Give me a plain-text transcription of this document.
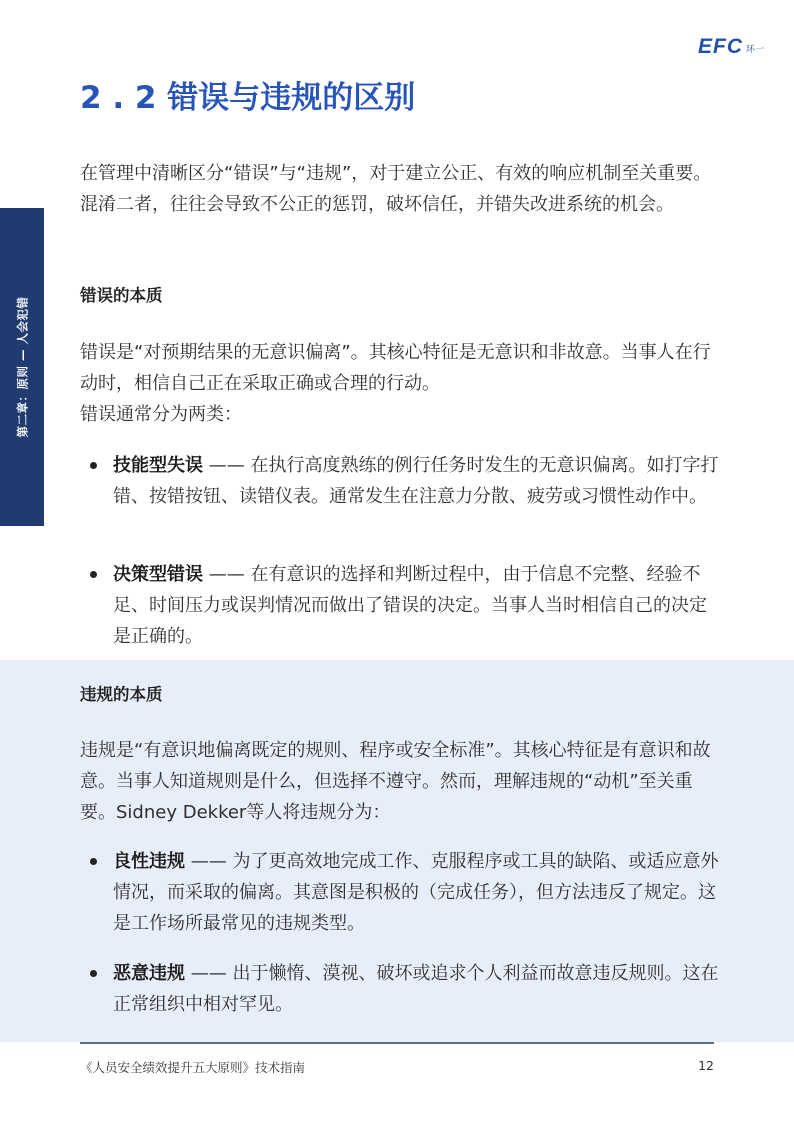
EFC 环一
第二章：原则 — 人会犯错
2 . 2 错误与违规的区别

在管理中清晰区分“错误”与“违规”，对于建立公正、有效的响应机制至关重要。混淆二者，往往会导致不公正的惩罚，破坏信任，并错失改进系统的机会。

错误的本质

错误是“对预期结果的无意识偏离”。其核心特征是无意识和非故意。当事人在行动时，相信自己正在采取正确或合理的行动。

错误通常分为两类：

技能型失误 —— 在执行高度熟练的例行任务时发生的无意识偏离。如打字打错、按错按钮、读错仪表。通常发生在注意力分散、疲劳或习惯性动作中。

决策型错误 —— 在有意识的选择和判断过程中，由于信息不完整、经验不足、时间压力或误判情况而做出了错误的决定。当事人当时相信自己的决定是正确的。

违规的本质

违规是“有意识地偏离既定的规则、程序或安全标准”。其核心特征是有意识和故意。当事人知道规则是什么，但选择不遵守。然而，理解违规的“动机”至关重要。Sidney Dekker等人将违规分为：

良性违规 —— 为了更高效地完成工作、克服程序或工具的缺陷、或适应意外情况，而采取的偏离。其意图是积极的（完成任务），但方法违反了规定。这是工作场所最常见的违规类型。

恶意违规 —— 出于懒惰、漠视、破坏或追求个人利益而故意违反规则。这在正常组织中相对罕见。

《人员安全绩效提升五大原则》技术指南	12
